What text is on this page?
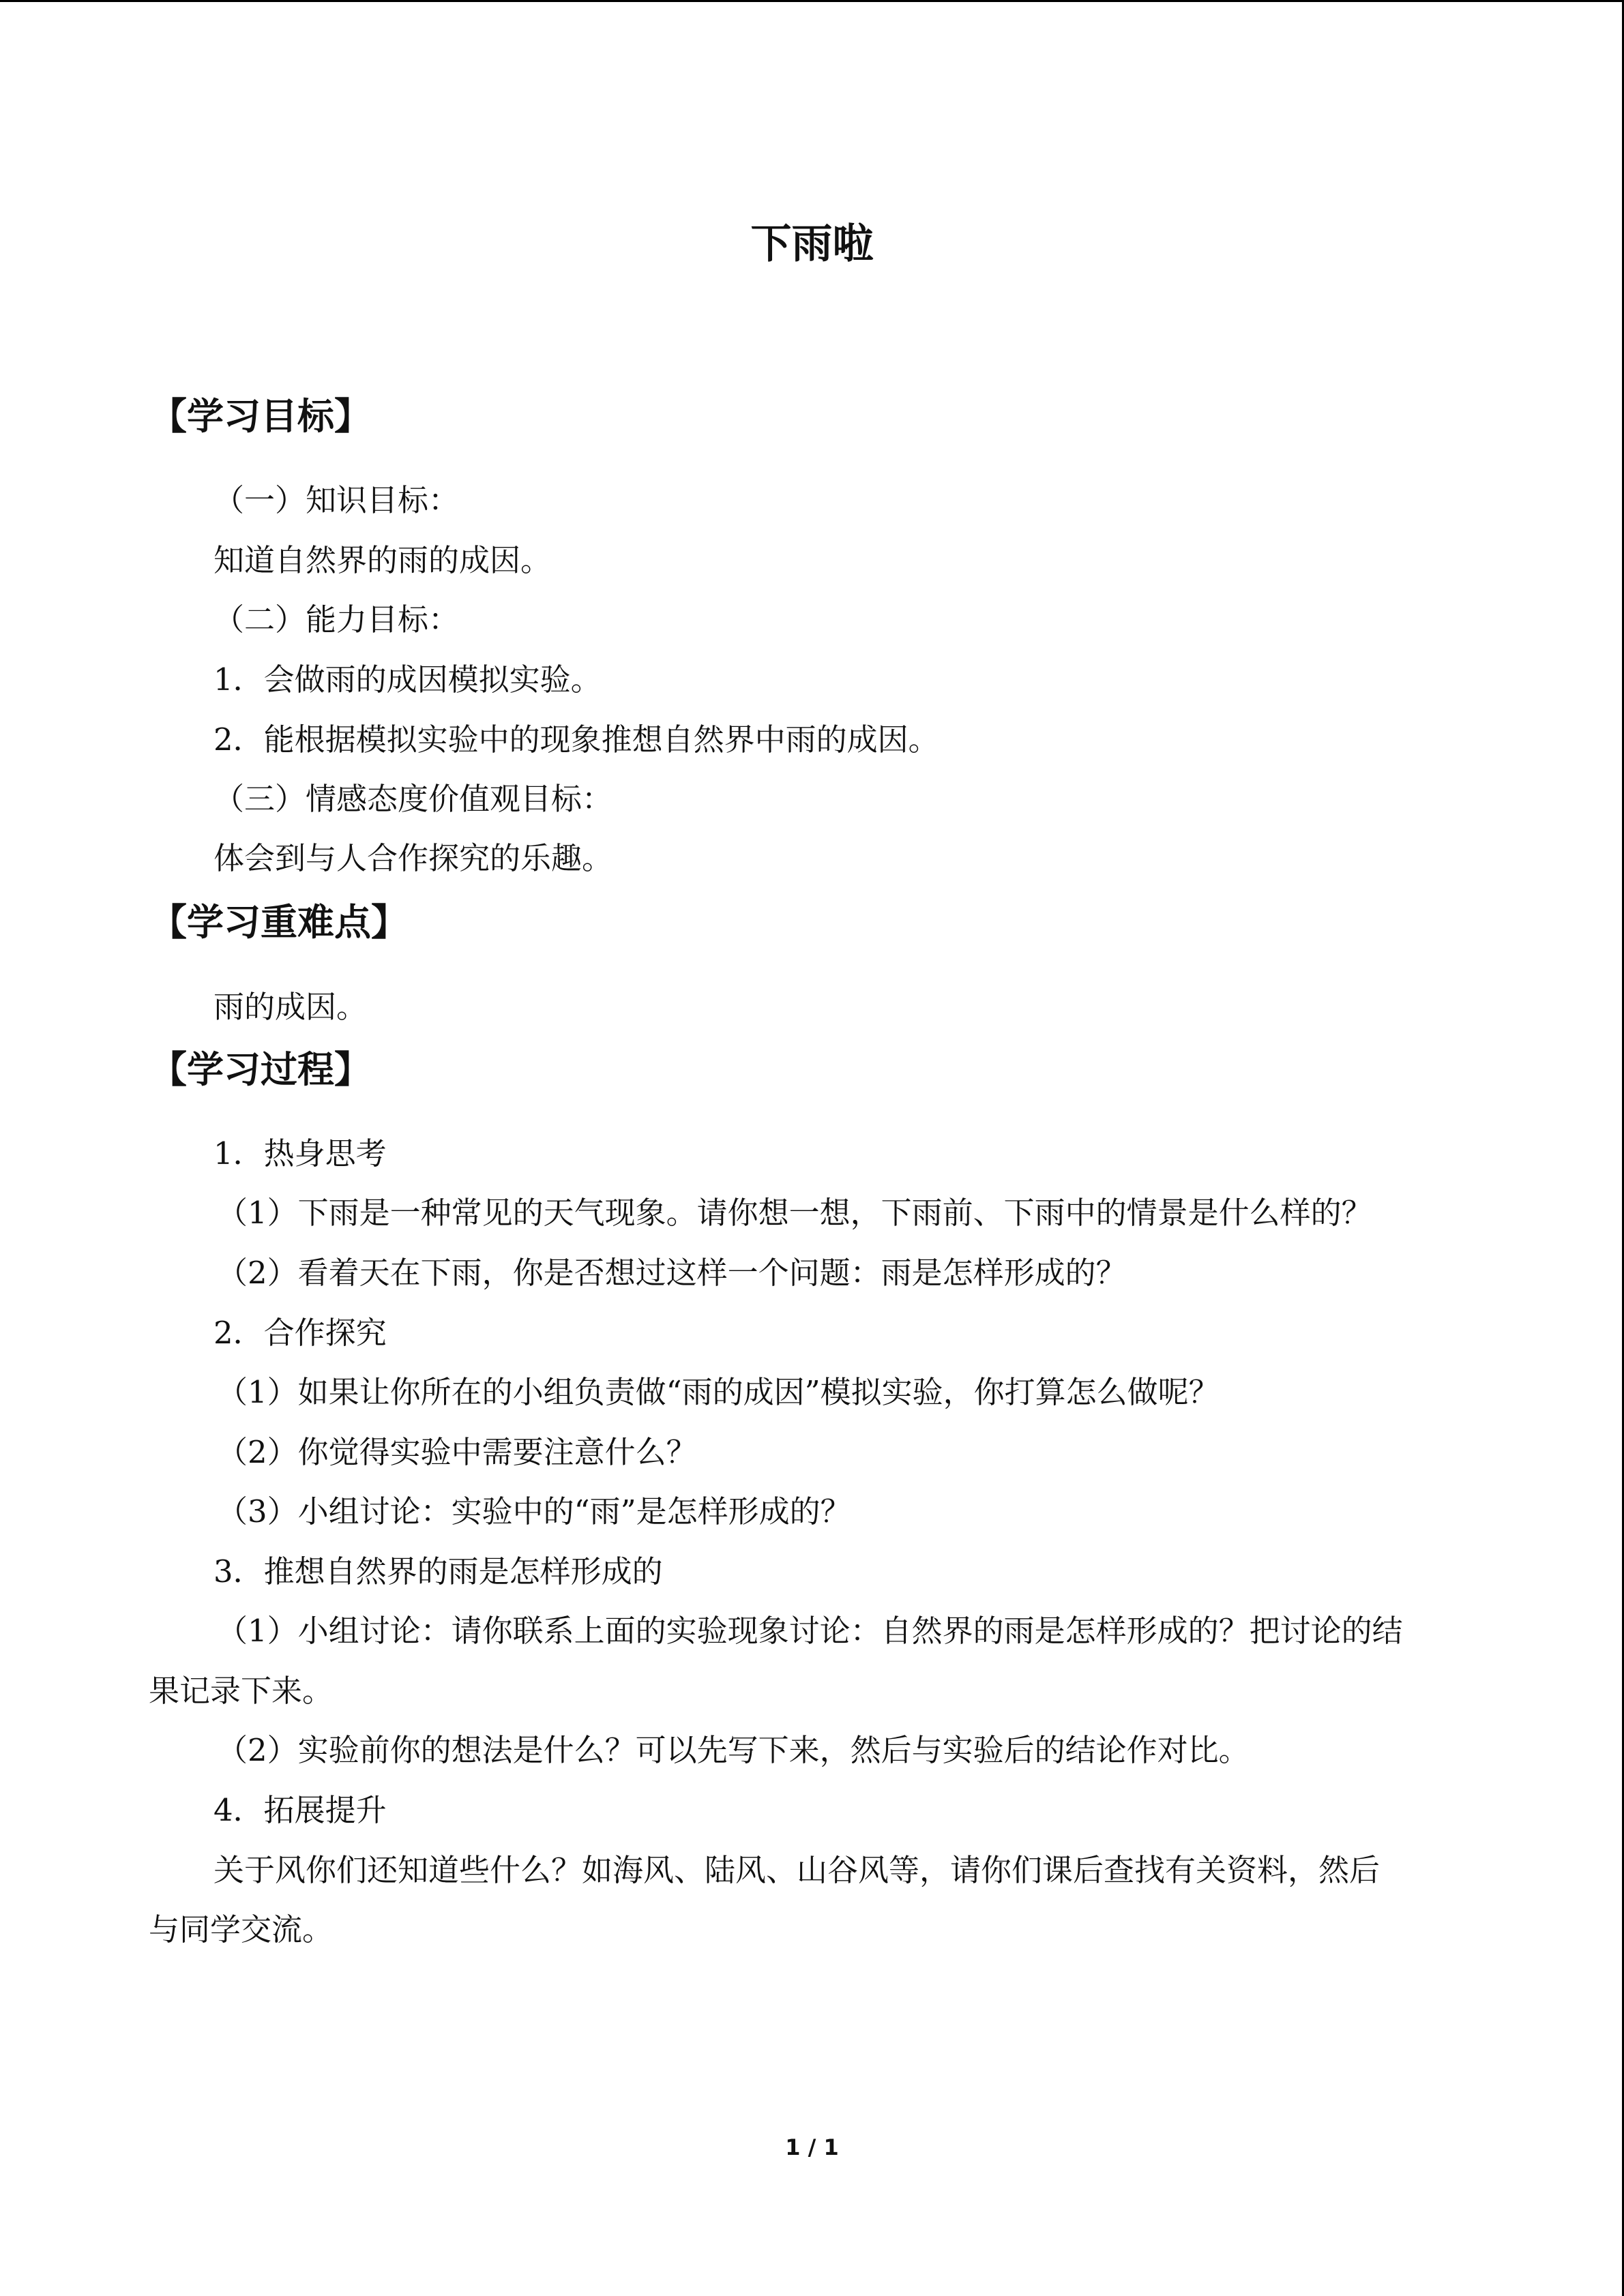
下雨啦
【学习目标】
（一）知识目标：
知道自然界的雨的成因。
（二）能力目标：
1．会做雨的成因模拟实验。
2．能根据模拟实验中的现象推想自然界中雨的成因。
（三）情感态度价值观目标：
体会到与人合作探究的乐趣。
【学习重难点】
雨的成因。
【学习过程】
1．热身思考
（1）下雨是一种常见的天气现象。请你想一想，下雨前、下雨中的情景是什么样的？
（2）看着天在下雨，你是否想过这样一个问题：雨是怎样形成的？
2．合作探究
（1）如果让你所在的小组负责做“雨的成因”模拟实验，你打算怎么做呢？
（2）你觉得实验中需要注意什么？
（3）小组讨论：实验中的“雨”是怎样形成的？
3．推想自然界的雨是怎样形成的
（1）小组讨论：请你联系上面的实验现象讨论：自然界的雨是怎样形成的？把讨论的结
果记录下来。
（2）实验前你的想法是什么？可以先写下来，然后与实验后的结论作对比。
4．拓展提升
关于风你们还知道些什么？如海风、陆风、山谷风等，请你们课后查找有关资料，然后
与同学交流。
1 / 1
